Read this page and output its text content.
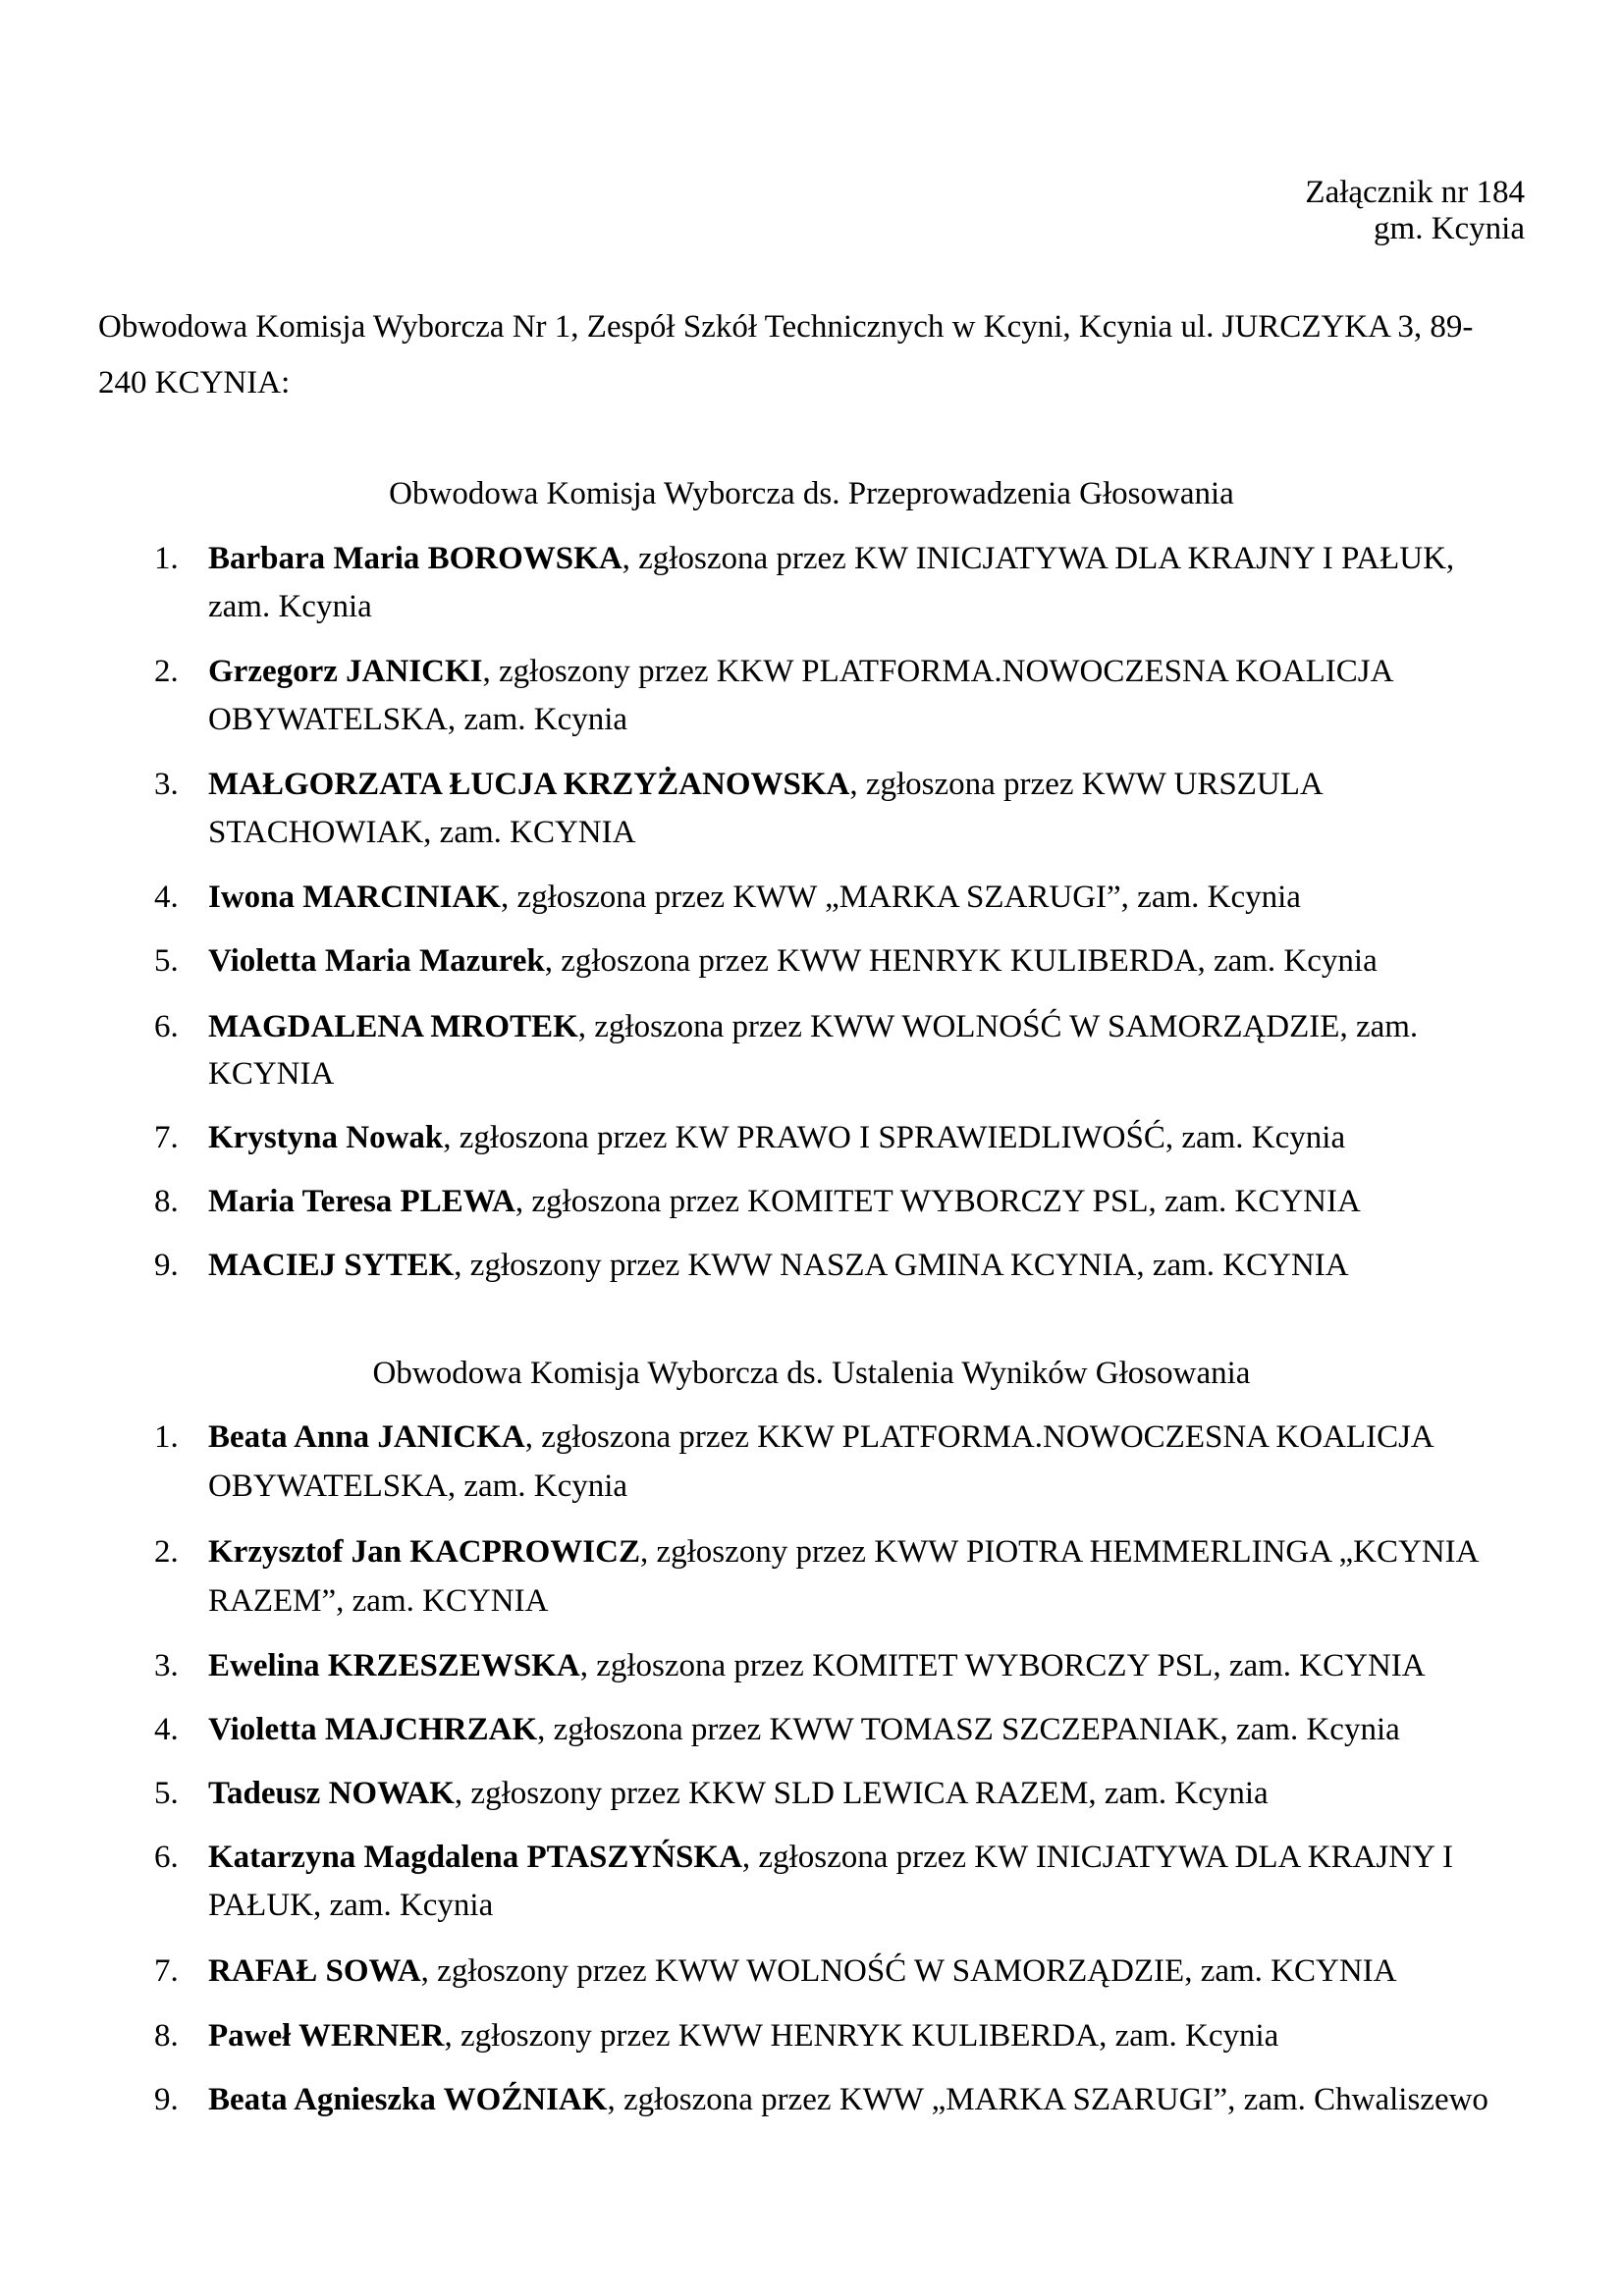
Załącznik nr 184
gm. Kcynia
Obwodowa Komisja Wyborcza Nr 1, Zespół Szkół Technicznych w Kcyni, Kcynia ul. JURCZYKA 3, 89-
240 KCYNIA:
Obwodowa Komisja Wyborcza ds. Przeprowadzenia Głosowania
1. Barbara Maria BOROWSKA, zgłoszona przez KW INICJATYWA DLA KRAJNY I PAŁUK,
zam. Kcynia
2. Grzegorz JANICKI, zgłoszony przez KKW PLATFORMA.NOWOCZESNA KOALICJA
OBYWATELSKA, zam. Kcynia
3. MAŁGORZATA ŁUCJA KRZYŻANOWSKA, zgłoszona przez KWW URSZULA
STACHOWIAK, zam. KCYNIA
4. Iwona MARCINIAK, zgłoszona przez KWW „MARKA SZARUGI”, zam. Kcynia
5. Violetta Maria Mazurek, zgłoszona przez KWW HENRYK KULIBERDA, zam. Kcynia
6. MAGDALENA MROTEK, zgłoszona przez KWW WOLNOŚĆ W SAMORZĄDZIE, zam.
KCYNIA
7. Krystyna Nowak, zgłoszona przez KW PRAWO I SPRAWIEDLIWOŚĆ, zam. Kcynia
8. Maria Teresa PLEWA, zgłoszona przez KOMITET WYBORCZY PSL, zam. KCYNIA
9. MACIEJ SYTEK, zgłoszony przez KWW NASZA GMINA KCYNIA, zam. KCYNIA
Obwodowa Komisja Wyborcza ds. Ustalenia Wyników Głosowania
1. Beata Anna JANICKA, zgłoszona przez KKW PLATFORMA.NOWOCZESNA KOALICJA
OBYWATELSKA, zam. Kcynia
2. Krzysztof Jan KACPROWICZ, zgłoszony przez KWW PIOTRA HEMMERLINGA „KCYNIA
RAZEM”, zam. KCYNIA
3. Ewelina KRZESZEWSKA, zgłoszona przez KOMITET WYBORCZY PSL, zam. KCYNIA
4. Violetta MAJCHRZAK, zgłoszona przez KWW TOMASZ SZCZEPANIAK, zam. Kcynia
5. Tadeusz NOWAK, zgłoszony przez KKW SLD LEWICA RAZEM, zam. Kcynia
6. Katarzyna Magdalena PTASZYŃSKA, zgłoszona przez KW INICJATYWA DLA KRAJNY I
PAŁUK, zam. Kcynia
7. RAFAŁ SOWA, zgłoszony przez KWW WOLNOŚĆ W SAMORZĄDZIE, zam. KCYNIA
8. Paweł WERNER, zgłoszony przez KWW HENRYK KULIBERDA, zam. Kcynia
9. Beata Agnieszka WOŹNIAK, zgłoszona przez KWW „MARKA SZARUGI”, zam. Chwaliszewo
